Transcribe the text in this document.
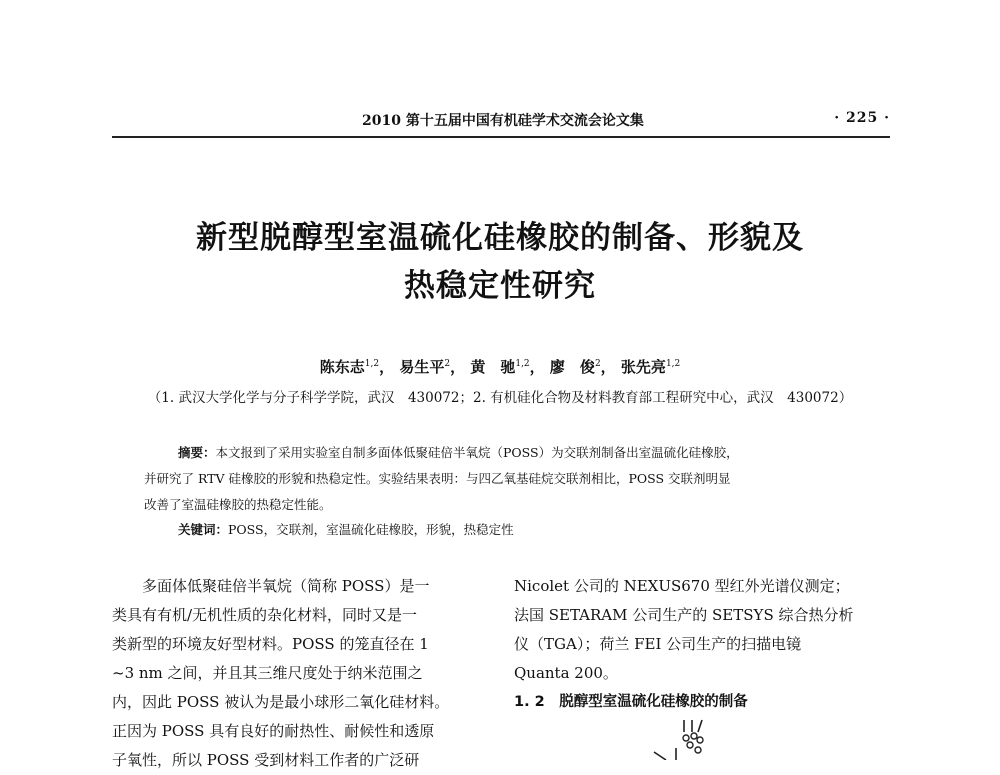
2010 第十五届中国有机硅学术交流会论文集	· 225 ·
新型脱醇型室温硫化硅橡胶的制备、形貌及
热稳定性研究
陈东志$^{1,2}$， 易生平$^2$， 黄　驰$^{1,2}$， 廖　俊$^2$， 张先亮$^{1,2}$
（1. 武汉大学化学与分子科学学院，武汉　430072；2. 有机硅化合物及材料教育部工程研究中心，武汉　430072）
摘要：本文报到了采用实验室自制多面体低聚硅倍半氧烷（POSS）为交联剂制备出室温硫化硅橡胶，
并研究了 RTV 硅橡胶的形貌和热稳定性。实验结果表明：与四乙氧基硅烷交联剂相比，POSS 交联剂明显
改善了室温硅橡胶的热稳定性能。
关键词：POSS，交联剂，室温硫化硅橡胶，形貌，热稳定性
多面体低聚硅倍半氧烷（简称 POSS）是一
类具有有机/无机性质的杂化材料，同时又是一
类新型的环境友好型材料。POSS 的笼直径在 1
~3 nm 之间，并且其三维尺度处于纳米范围之
内，因此 POSS 被认为是最小球形二氧化硅材料。
正因为 POSS 具有良好的耐热性、耐候性和透原
子氧性，所以 POSS 受到材料工作者的广泛研
Nicolet 公司的 NEXUS670 型红外光谱仪测定；
法国 SETARAM 公司生产的 SETSYS 综合热分析
仪（TGA）；荷兰 FEI 公司生产的扫描电镜
Quanta 200。
1. 2　脱醇型室温硫化硅橡胶的制备
